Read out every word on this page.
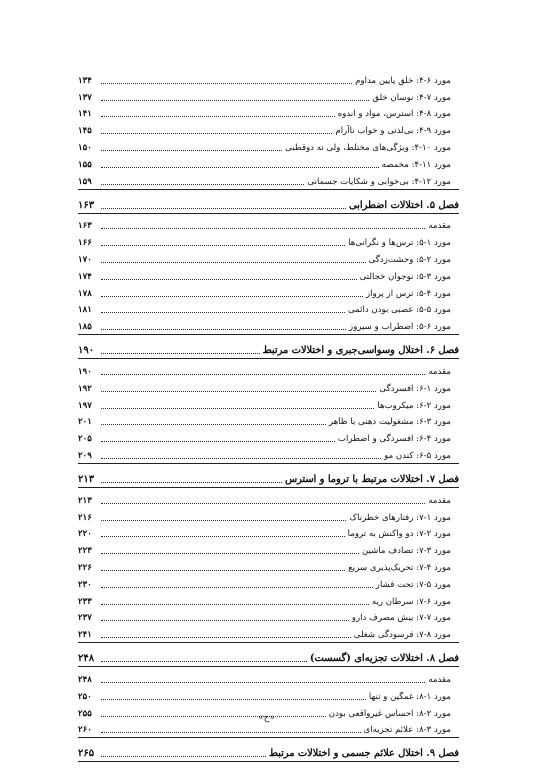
مورد ۶-۴: خلق پایین مداوم
۱۳۴
مورد ۷-۴: نوسان خلق
۱۳۷
مورد ۸-۴: استرس، مواد و اندوه
۱۴۱
مورد ۹-۴: بی‌لذتی و خواب ناآرام
۱۴۵
مورد ۱۰-۴: ویژگی‌های مختلط، ولی نه دوقطبی
۱۵۰
مورد ۱۱-۴: مخمصه
۱۵۵
مورد ۱۲-۴: بی‌خوابی و شکایات جسمانی
۱۵۹
فصل ۵. اختلالات اضطرابی
۱۶۳
مقدمه
۱۶۳
مورد ۱-۵: ترس‌ها و نگرانی‌ها
۱۶۶
مورد ۲-۵: وحشت‌زدگی
۱۷۰
مورد ۳-۵: نوجوان خجالتی
۱۷۴
مورد ۴-۵: ترس از پرواز
۱۷۸
مورد ۵-۵: عصبی بودن دائمی
۱۸۱
مورد ۶-۵: اضطراب و سیروز
۱۸۵
فصل ۶. اختلال وسواسی‌جبری و اختلالات مرتبط
۱۹۰
مقدمه
۱۹۰
مورد ۱-۶: افسردگی
۱۹۲
مورد ۲-۶: میکروب‌ها
۱۹۷
مورد ۳-۶: مشغولیت ذهنی با ظاهر
۲۰۱
مورد ۴-۶: افسردگی و اضطراب
۲۰۵
مورد ۵-۶: کندن مو
۲۰۹
فصل ۷. اختلالات مرتبط با تروما و استرس
۲۱۳
مقدمه
۲۱۳
مورد ۱-۷: رفتارهای خطرناک
۲۱۶
مورد ۲-۷: دو واکنش به تروما
۲۲۰
مورد ۳-۷: تصادف ماشین
۲۲۳
مورد ۴-۷: تحریک‌پذیری سریع
۲۲۶
مورد ۵-۷: تحت فشار
۲۳۰
مورد ۶-۷: سرطان ریه
۲۳۳
مورد ۷-۷: بیش مصرف دارو
۲۳۷
مورد ۸-۷: فرسودگی شغلی
۲۴۱
فصل ۸. اختلالات تجزیه‌ای (گسست)
۲۴۸
مقدمه
۲۴۸
مورد ۱-۸: غمگین و تنها
۲۵۰
مورد ۲-۸: احساس غیرواقعی بودن
۲۵۵
مورد ۳-۸: علائم تجزیه‌ای
۲۶۰
فصل ۹. اختلال علائم جسمی و اختلالات مرتبط
۲۶۵
«ح»
